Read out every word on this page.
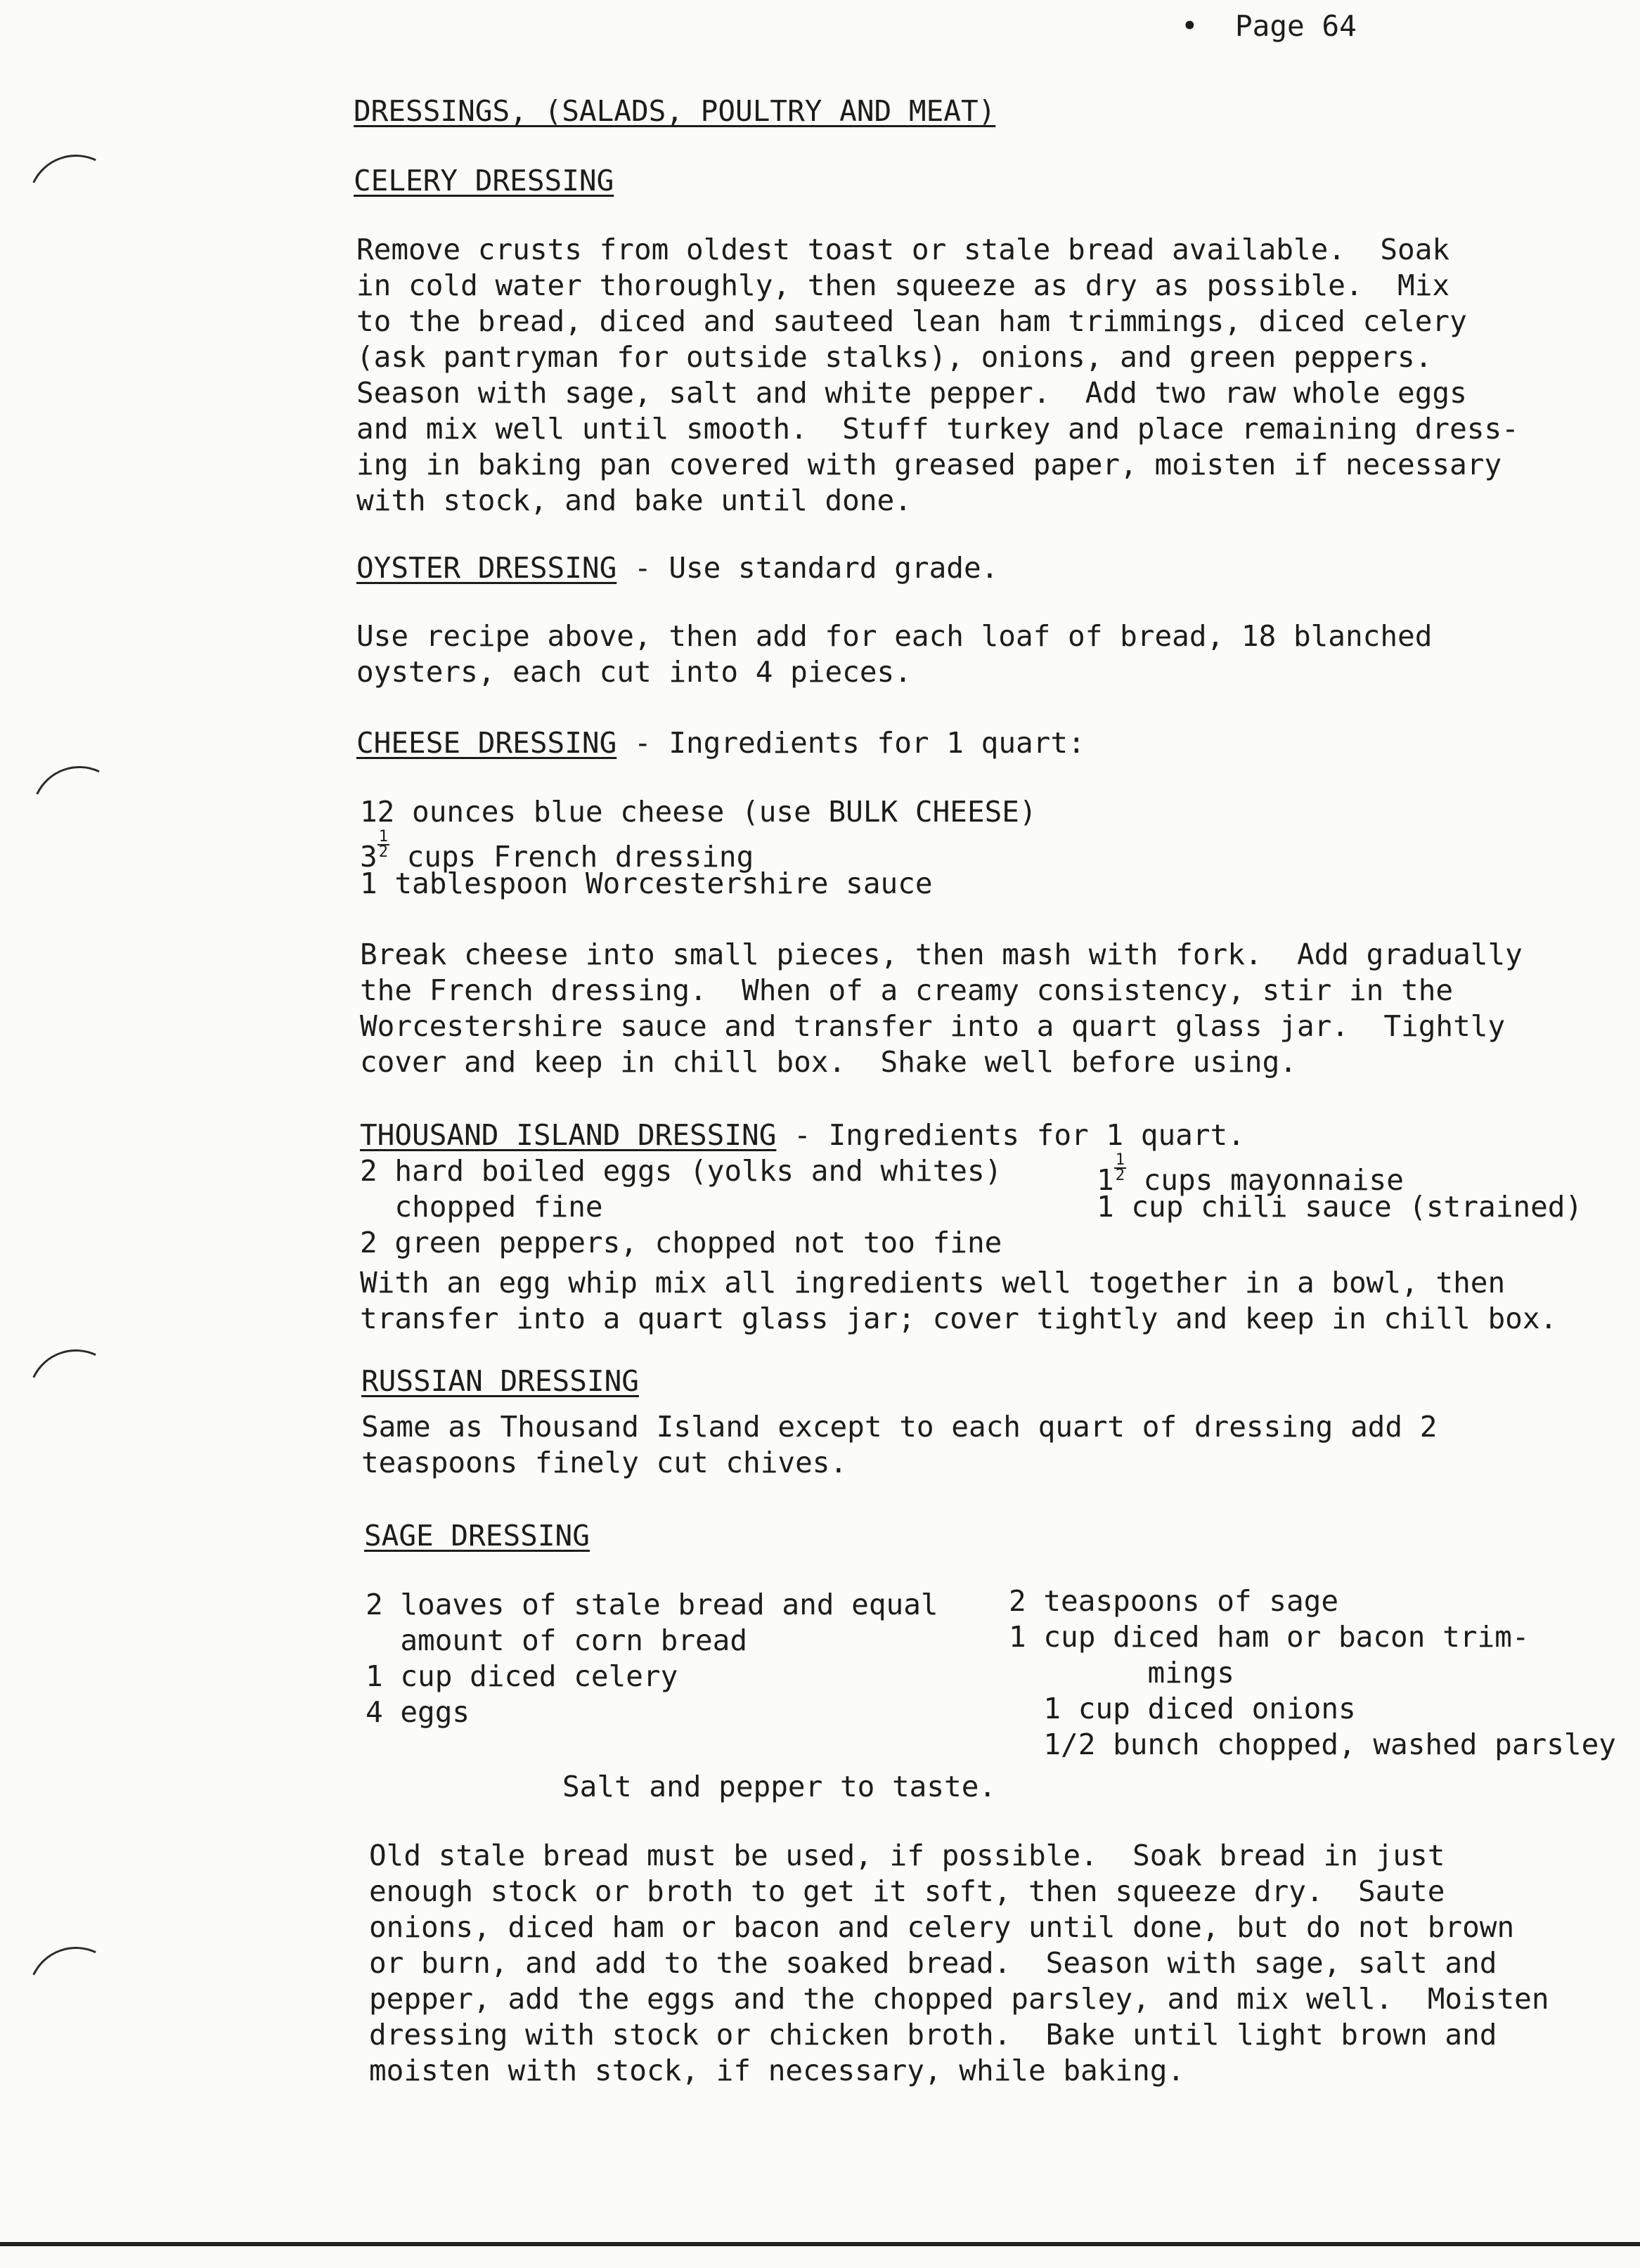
• Page 64
DRESSINGS, (SALADS, POULTRY AND MEAT)
CELERY DRESSING
Remove crusts from oldest toast or stale bread available.  Soak
in cold water thoroughly, then squeeze as dry as possible.  Mix
to the bread, diced and sauteed lean ham trimmings, diced celery
(ask pantryman for outside stalks), onions, and green peppers.
Season with sage, salt and white pepper.  Add two raw whole eggs
and mix well until smooth.  Stuff turkey and place remaining dress-
ing in baking pan covered with greased paper, moisten if necessary
with stock, and bake until done.
OYSTER DRESSING - Use standard grade.
Use recipe above, then add for each loaf of bread, 18 blanched
oysters, each cut into 4 pieces.
CHEESE DRESSING - Ingredients for 1 quart:
12 ounces blue cheese (use BULK CHEESE)
$3 \frac{1}{2}$ cups French dressing
1 tablespoon Worcestershire sauce
Break cheese into small pieces, then mash with fork.  Add gradually
the French dressing.  When of a creamy consistency, stir in the
Worcestershire sauce and transfer into a quart glass jar.  Tightly
cover and keep in chill box.  Shake well before using.
THOUSAND ISLAND DRESSING - Ingredients for 1 quart.
2 hard boiled eggs (yolks and whites)
chopped fine
2 green peppers, chopped not too fine
$1 \frac{1}{2}$ cups mayonnaise
1 cup chili sauce (strained)
With an egg whip mix all ingredients well together in a bowl, then
transfer into a quart glass jar; cover tightly and keep in chill box.
RUSSIAN DRESSING
Same as Thousand Island except to each quart of dressing add 2
teaspoons finely cut chives.
SAGE DRESSING
2 loaves of stale bread and equal
amount of corn bread
1 cup diced celery
4 eggs
2 teaspoons of sage
1 cup diced ham or bacon trim-
mings
1 cup diced onions
1/2 bunch chopped, washed parsley
Salt and pepper to taste.
Old stale bread must be used, if possible.  Soak bread in just
enough stock or broth to get it soft, then squeeze dry.  Saute
onions, diced ham or bacon and celery until done, but do not brown
or burn, and add to the soaked bread.  Season with sage, salt and
pepper, add the eggs and the chopped parsley, and mix well.  Moisten
dressing with stock or chicken broth.  Bake until light brown and
moisten with stock, if necessary, while baking.
